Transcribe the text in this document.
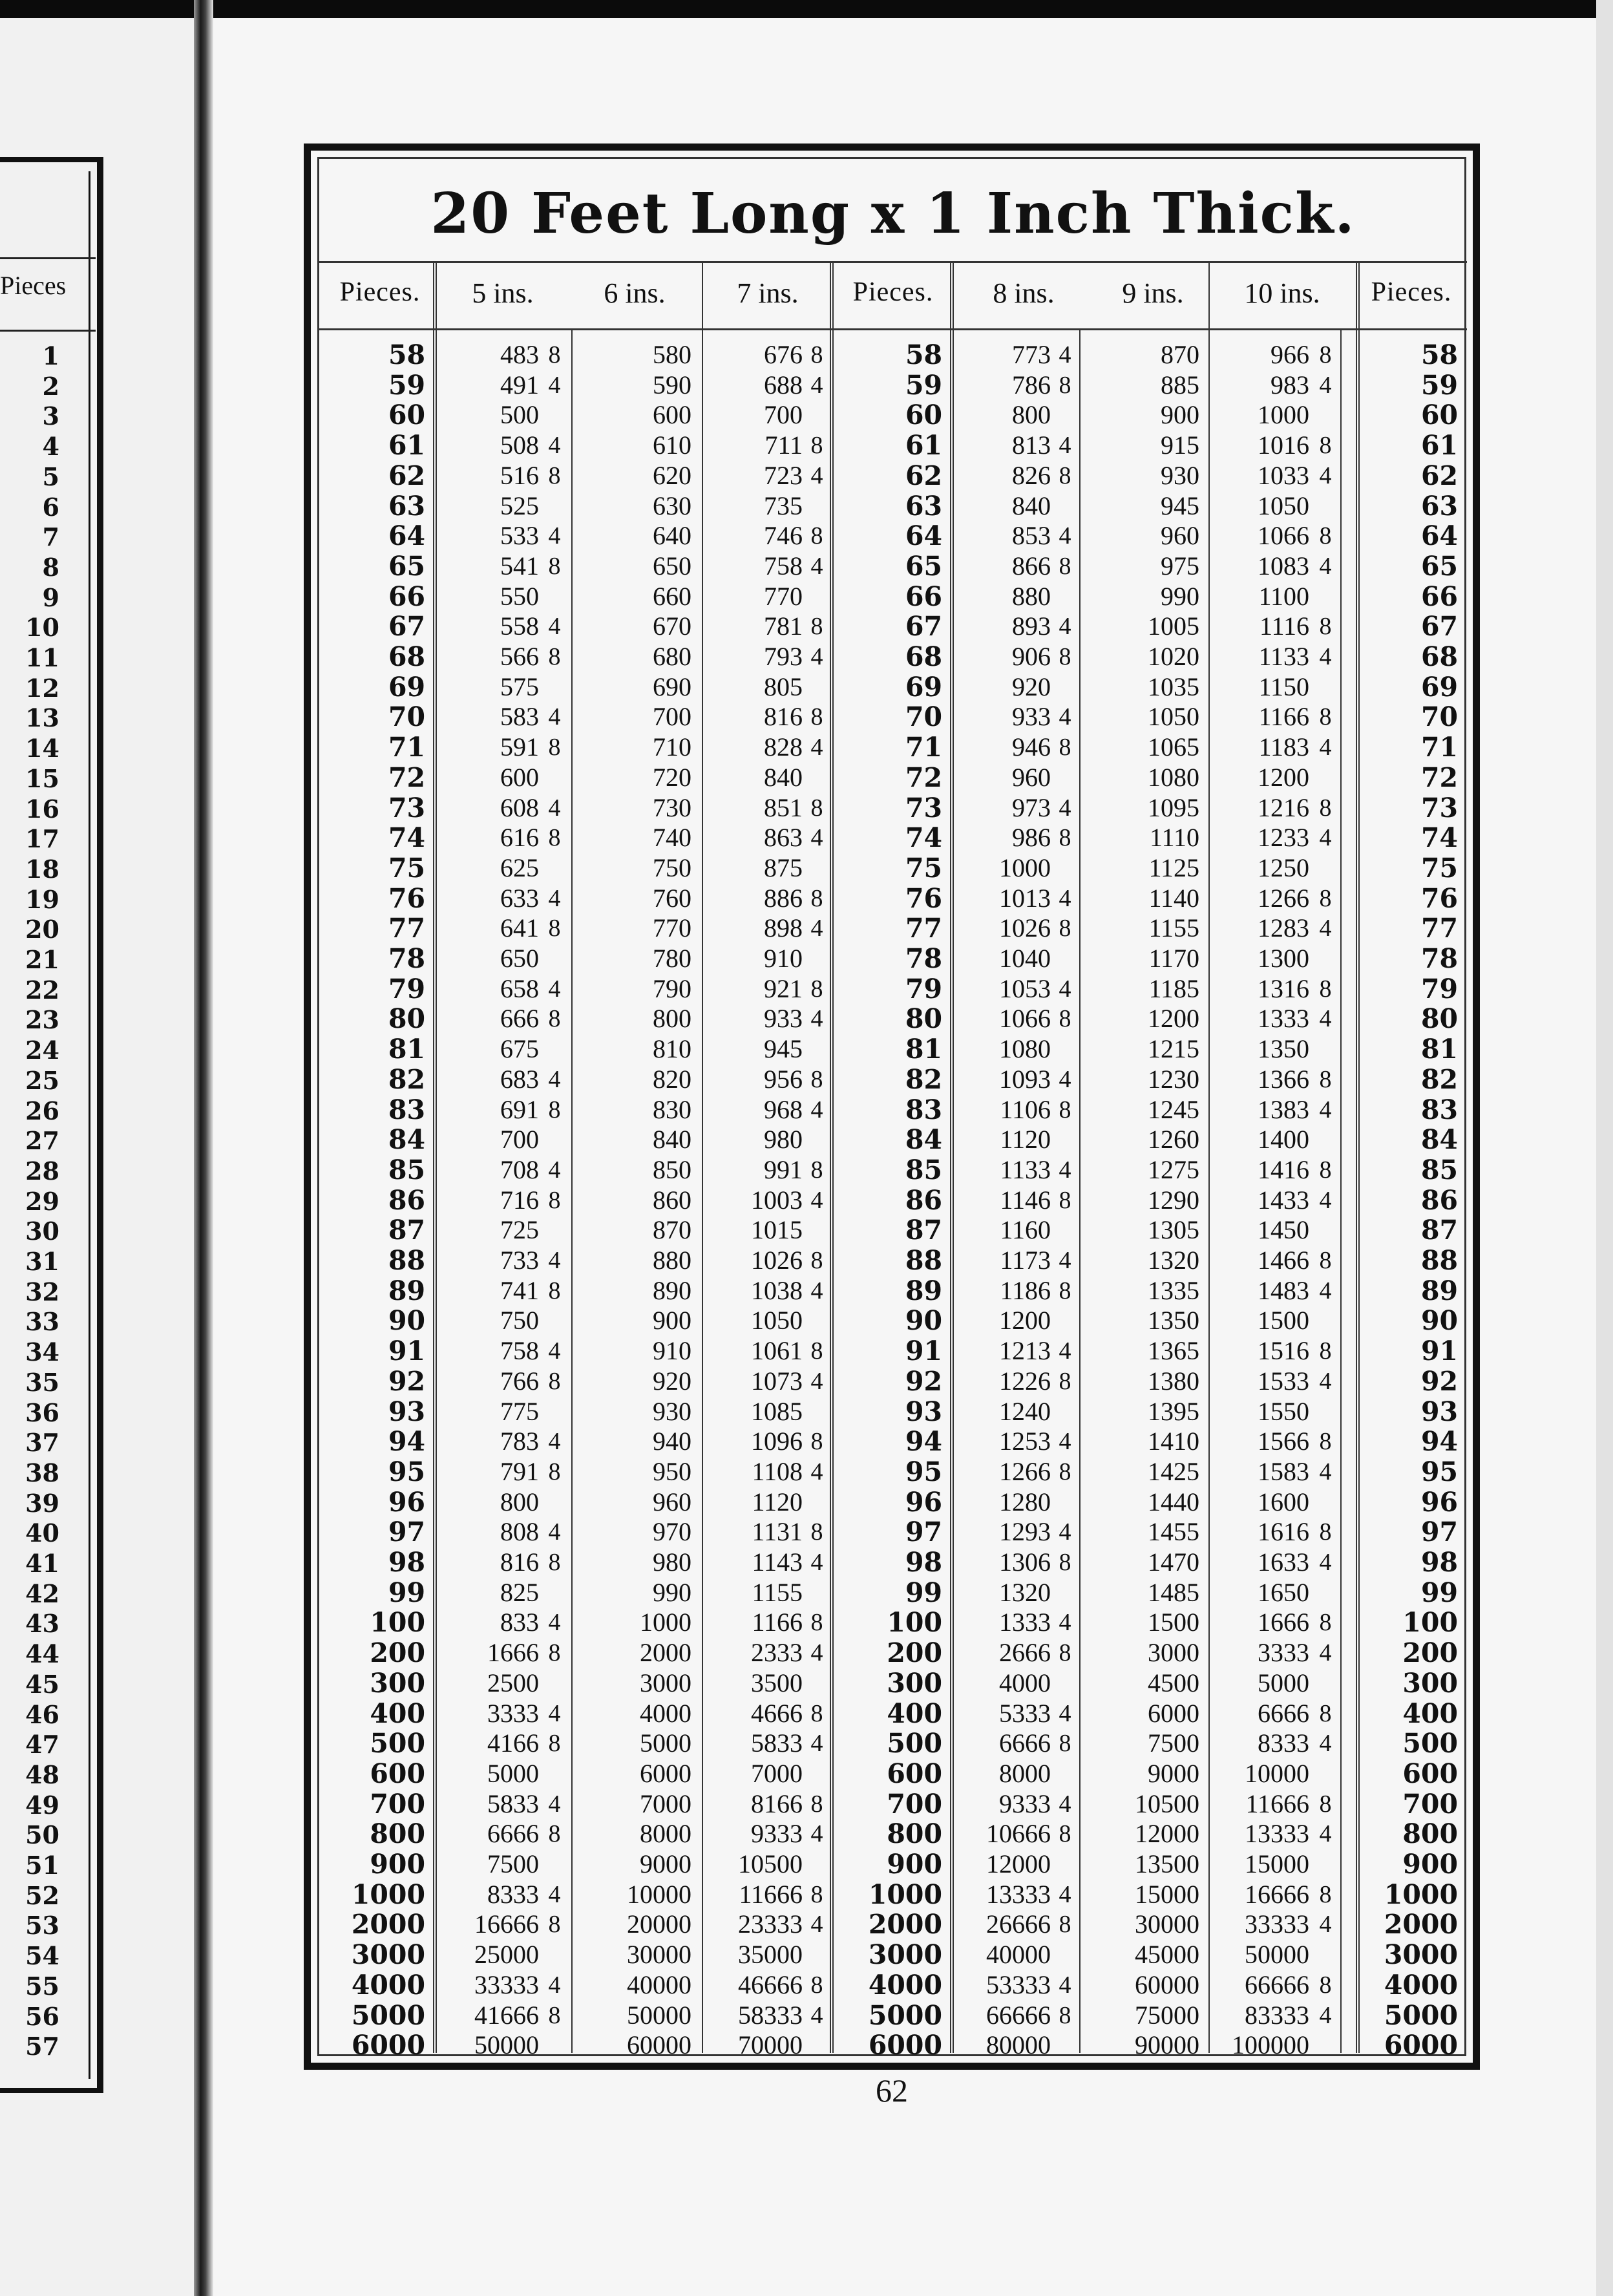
Pieces
1
2
3
4
5
6
7
8
9
10
11
12
13
14
15
16
17
18
19
20
21
22
23
24
25
26
27
28
29
30
31
32
33
34
35
36
37
38
39
40
41
42
43
44
45
46
47
48
49
50
51
52
53
54
55
56
57
20 Feet Long x 1 Inch Thick.
Pieces.	5 ins.	6 ins.	7 ins.	Pieces.	8 ins.	9 ins.	10 ins.	Pieces.
58	483 8	580	676 8	58	773 4	870	966 8	58
59	491 4	590	688 4	59	786 8	885	983 4	59
60	500	600	700	60	800	900	1000	60
61	508 4	610	711 8	61	813 4	915	1016 8	61
62	516 8	620	723 4	62	826 8	930	1033 4	62
63	525	630	735	63	840	945	1050	63
64	533 4	640	746 8	64	853 4	960	1066 8	64
65	541 8	650	758 4	65	866 8	975	1083 4	65
66	550	660	770	66	880	990	1100	66
67	558 4	670	781 8	67	893 4	1005	1116 8	67
68	566 8	680	793 4	68	906 8	1020	1133 4	68
69	575	690	805	69	920	1035	1150	69
70	583 4	700	816 8	70	933 4	1050	1166 8	70
71	591 8	710	828 4	71	946 8	1065	1183 4	71
72	600	720	840	72	960	1080	1200	72
73	608 4	730	851 8	73	973 4	1095	1216 8	73
74	616 8	740	863 4	74	986 8	1110	1233 4	74
75	625	750	875	75	1000	1125	1250	75
76	633 4	760	886 8	76	1013 4	1140	1266 8	76
77	641 8	770	898 4	77	1026 8	1155	1283 4	77
78	650	780	910	78	1040	1170	1300	78
79	658 4	790	921 8	79	1053 4	1185	1316 8	79
80	666 8	800	933 4	80	1066 8	1200	1333 4	80
81	675	810	945	81	1080	1215	1350	81
82	683 4	820	956 8	82	1093 4	1230	1366 8	82
83	691 8	830	968 4	83	1106 8	1245	1383 4	83
84	700	840	980	84	1120	1260	1400	84
85	708 4	850	991 8	85	1133 4	1275	1416 8	85
86	716 8	860	1003 4	86	1146 8	1290	1433 4	86
87	725	870	1015	87	1160	1305	1450	87
88	733 4	880	1026 8	88	1173 4	1320	1466 8	88
89	741 8	890	1038 4	89	1186 8	1335	1483 4	89
90	750	900	1050	90	1200	1350	1500	90
91	758 4	910	1061 8	91	1213 4	1365	1516 8	91
92	766 8	920	1073 4	92	1226 8	1380	1533 4	92
93	775	930	1085	93	1240	1395	1550	93
94	783 4	940	1096 8	94	1253 4	1410	1566 8	94
95	791 8	950	1108 4	95	1266 8	1425	1583 4	95
96	800	960	1120	96	1280	1440	1600	96
97	808 4	970	1131 8	97	1293 4	1455	1616 8	97
98	816 8	980	1143 4	98	1306 8	1470	1633 4	98
99	825	990	1155	99	1320	1485	1650	99
100	833 4	1000	1166 8	100	1333 4	1500	1666 8	100
200	1666 8	2000	2333 4	200	2666 8	3000	3333 4	200
300	2500	3000	3500	300	4000	4500	5000	300
400	3333 4	4000	4666 8	400	5333 4	6000	6666 8	400
500	4166 8	5000	5833 4	500	6666 8	7500	8333 4	500
600	5000	6000	7000	600	8000	9000	10000	600
700	5833 4	7000	8166 8	700	9333 4	10500	11666 8	700
800	6666 8	8000	9333 4	800	10666 8	12000	13333 4	800
900	7500	9000	10500	900	12000	13500	15000	900
1000	8333 4	10000	11666 8	1000	13333 4	15000	16666 8	1000
2000	16666 8	20000	23333 4	2000	26666 8	30000	33333 4	2000
3000	25000	30000	35000	3000	40000	45000	50000	3000
4000	33333 4	40000	46666 8	4000	53333 4	60000	66666 8	4000
5000	41666 8	50000	58333 4	5000	66666 8	75000	83333 4	5000
6000	50000	60000	70000	6000	80000	90000	100000	6000
62
